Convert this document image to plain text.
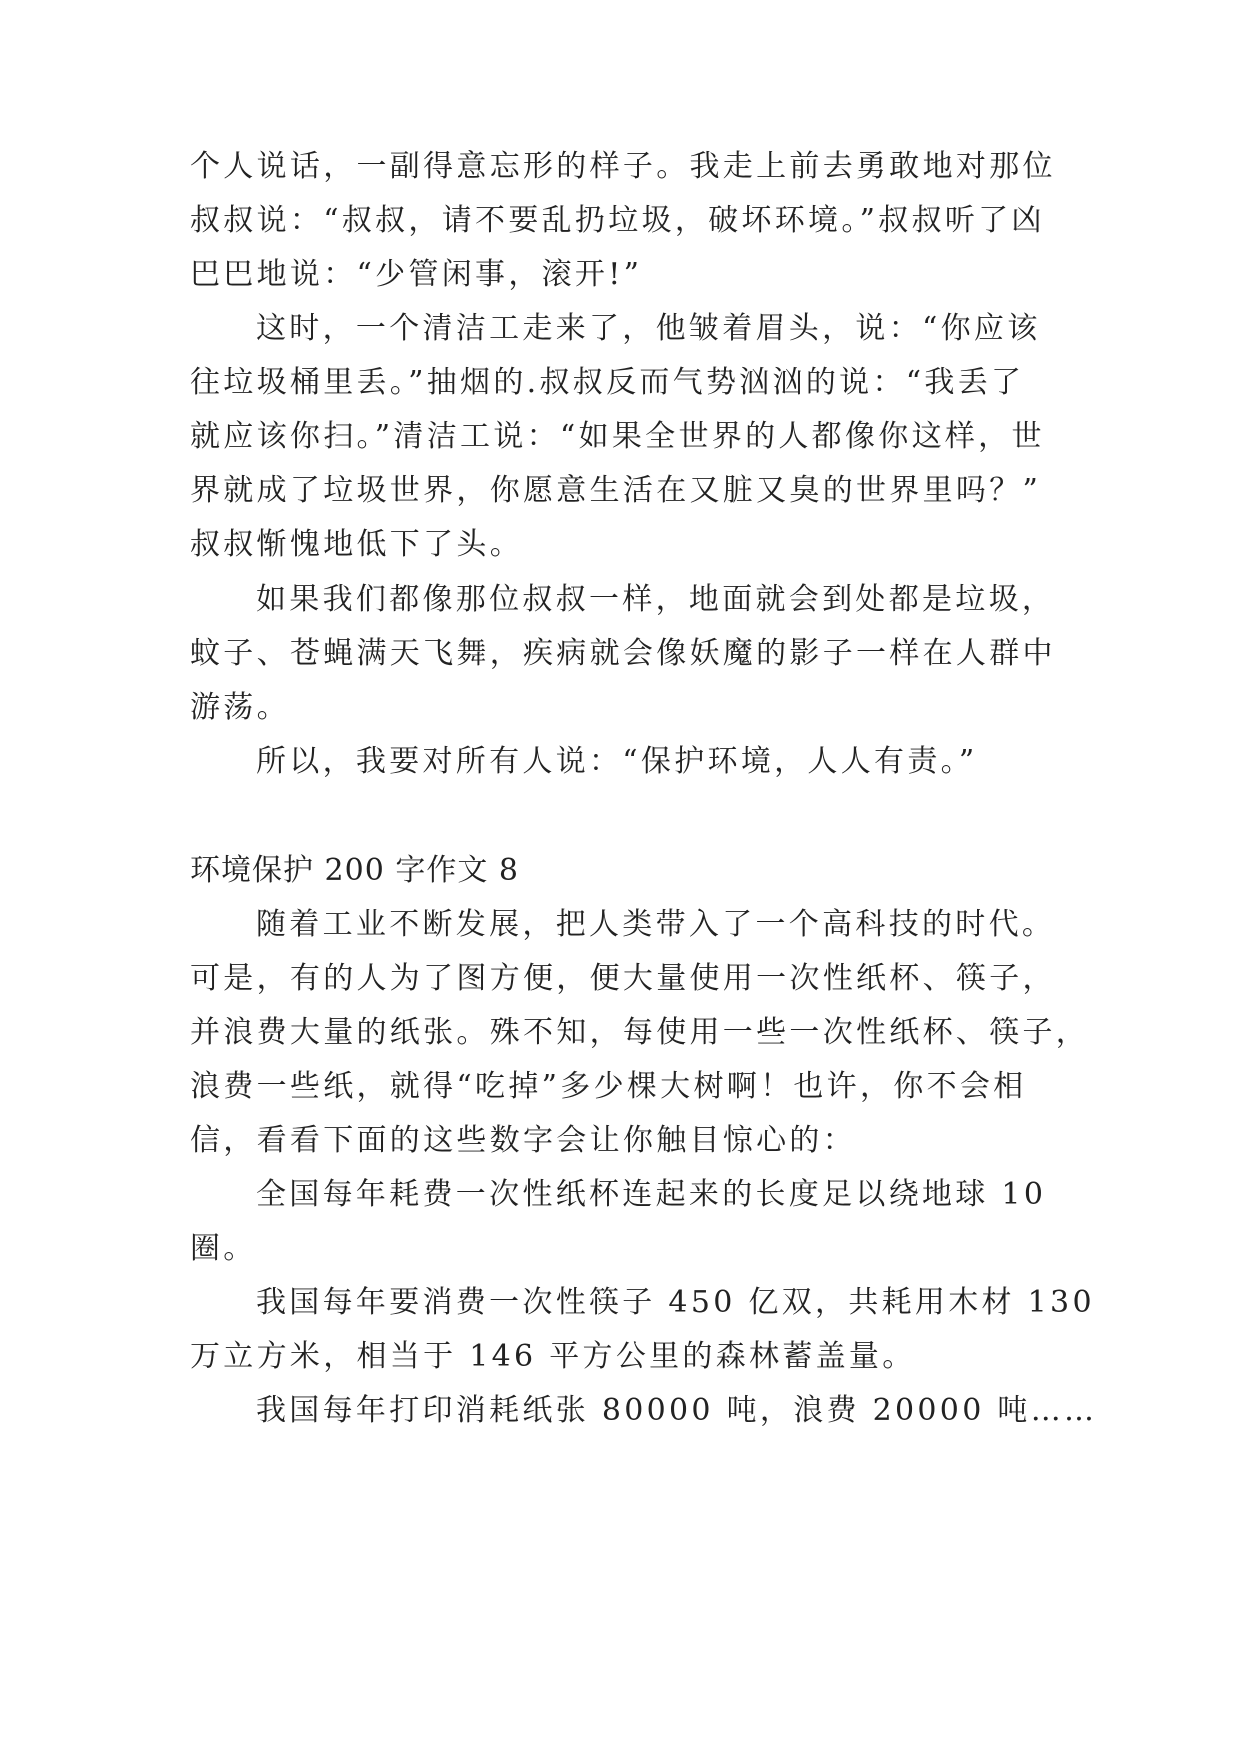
个人说话，一副得意忘形的样子。我走上前去勇敢地对那位
叔叔说：“叔叔，请不要乱扔垃圾，破坏环境。”叔叔听了凶
巴巴地说：“少管闲事，滚开!”
这时，一个清洁工走来了，他皱着眉头，说：“你应该
往垃圾桶里丢。”抽烟的.叔叔反而气势汹汹的说：“我丢了
就应该你扫。”清洁工说：“如果全世界的人都像你这样，世
界就成了垃圾世界，你愿意生活在又脏又臭的世界里吗？”
叔叔惭愧地低下了头。
如果我们都像那位叔叔一样，地面就会到处都是垃圾，
蚊子、苍蝇满天飞舞，疾病就会像妖魔的影子一样在人群中
游荡。
所以，我要对所有人说：“保护环境，人人有责。”
环境保护 200 字作文 8
随着工业不断发展，把人类带入了一个高科技的时代。
可是，有的人为了图方便，便大量使用一次性纸杯、筷子，
并浪费大量的纸张。殊不知，每使用一些一次性纸杯、筷子，
浪费一些纸，就得“吃掉”多少棵大树啊！也许，你不会相
信，看看下面的这些数字会让你触目惊心的：
全国每年耗费一次性纸杯连起来的长度足以绕地球 10
圈。
我国每年要消费一次性筷子 450 亿双，共耗用木材 130
万立方米，相当于 146 平方公里的森林蓄盖量。
我国每年打印消耗纸张 80000 吨，浪费 20000 吨……
